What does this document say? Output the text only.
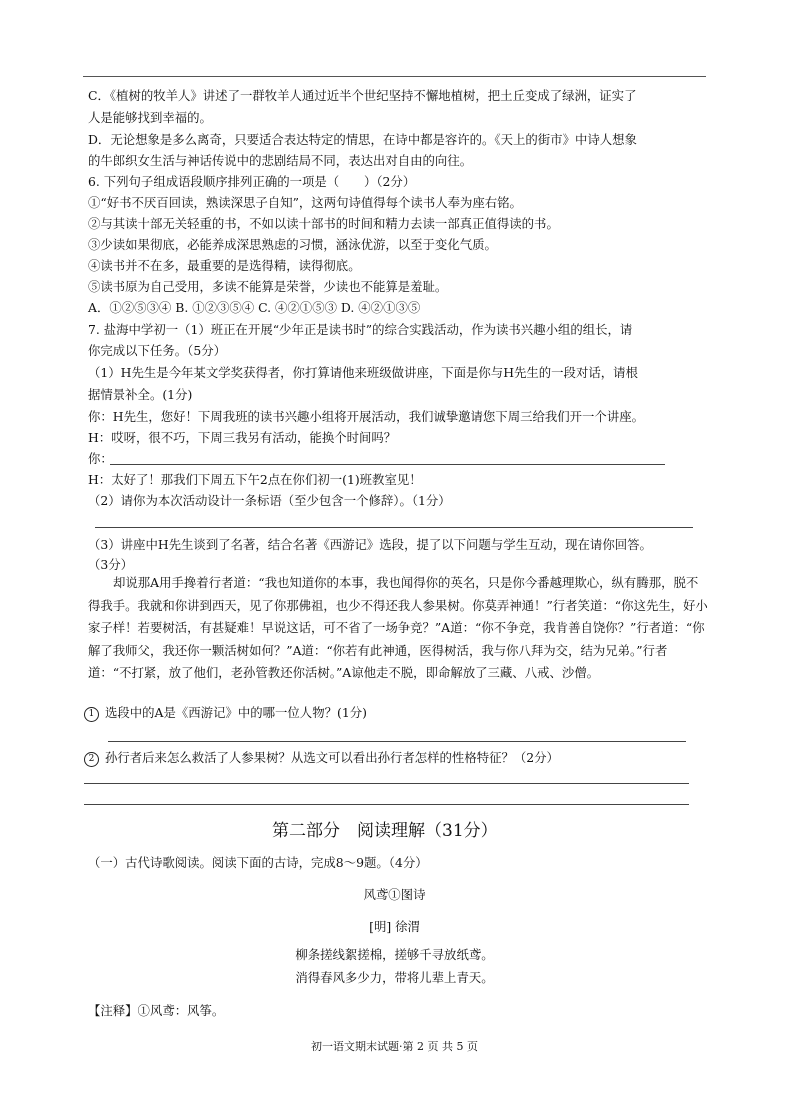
C．《植树的牧羊人》讲述了一群牧羊人通过近半个世纪坚持不懈地植树，把土丘变成了绿洲，证实了
人是能够找到幸福的。
D．无论想象是多么离奇，只要适合表达特定的情思，在诗中都是容许的。《天上的街市》中诗人想象
的牛郎织女生活与神话传说中的悲剧结局不同，表达出对自由的向往。
6. 下列句子组成语段顺序排列正确的一项是（　　）（2分）
①“好书不厌百回读，熟读深思子自知”，这两句诗值得每个读书人奉为座右铭。
②与其读十部无关轻重的书，不如以读十部书的时间和精力去读一部真正值得读的书。
③少读如果彻底，必能养成深思熟虑的习惯，涵泳优游，以至于变化气质。
④读书并不在多，最重要的是选得精，读得彻底。
⑤读书原为自己受用，多读不能算是荣誉，少读也不能算是羞耻。
A．①②⑤③④ B. ①②③⑤④ C. ④②①⑤③ D. ④②①③⑤
7. 盐海中学初一（1）班正在开展“少年正是读书时”的综合实践活动，作为读书兴趣小组的组长，请
你完成以下任务。（5分）
（1）H先生是今年某文学奖获得者，你打算请他来班级做讲座，下面是你与H先生的一段对话，请根
据情景补全。(1分)
你：H先生，您好！下周我班的读书兴趣小组将开展活动，我们诚挚邀请您下周三给我们开一个讲座。
H：哎呀，很不巧，下周三我另有活动，能换个时间吗？
你：
H：太好了！那我们下周五下午2点在你们初一(1)班教室见！
（2）请你为本次活动设计一条标语（至少包含一个修辞）。（1分）
（3）讲座中H先生谈到了名著，结合名著《西游记》选段，提了以下问题与学生互动，现在请你回答。
（3分）
却说那A用手搀着行者道：“我也知道你的本事，我也闻得你的英名，只是你今番越理欺心，纵有腾那，脱不得我手。我就和你讲到西天，见了你那佛祖，也少不得还我人参果树。你莫弄神通！”行者笑道：“你这先生，好小家子样！若要树活，有甚疑难！早说这话，可不省了一场争竞？”A道：“你不争竞，我肯善自饶你？”行者道：“你解了我师父，我还你一颗活树如何？”A道：“你若有此神通，医得树活，我与你八拜为交，结为兄弟。”行者道：“不打紧，放了他们，老孙管教还你活树。”A谅他走不脱，即命解放了三藏、八戒、沙僧。
1 选段中的A是《西游记》中的哪一位人物？(1分)
2 孙行者后来怎么救活了人参果树？从选文可以看出孙行者怎样的性格特征？（2分）
第二部分　阅读理解（31分）
（一）古代诗歌阅读。阅读下面的古诗，完成8～9题。（4分）
风鸢①图诗
[明] 徐渭
柳条搓线絮搓棉，搓够千寻放纸鸢。
消得春风多少力，带将儿辈上青天。
【注释】①风鸢：风筝。
初一语文期末试题·第 2 页 共 5 页
